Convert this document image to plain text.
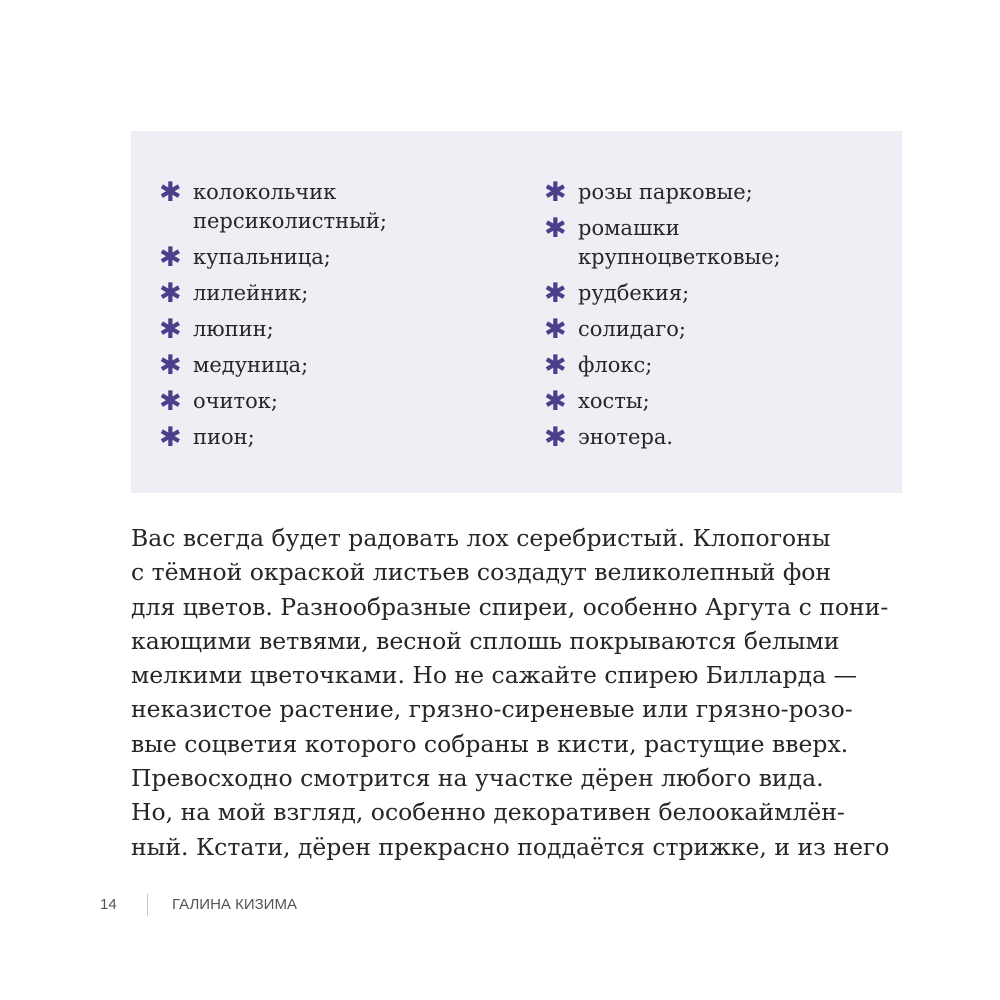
✱ колокольчик персиколистный;
✱ купальница;
✱ лилейник;
✱ люпин;
✱ медуница;
✱ очиток;
✱ пион;
✱ розы парковые;
✱ ромашки крупноцветковые;
✱ рудбекия;
✱ солидаго;
✱ флокс;
✱ хосты;
✱ энотера.

Вас всегда будет радовать лох серебристый. Клопогоны
с тёмной окраской листьев создадут великолепный фон
для цветов. Разнообразные спиреи, особенно Аргута с пони-
кающими ветвями, весной сплошь покрываются белыми
мелкими цветочками. Но не сажайте спирею Билларда —
неказистое растение, грязно-сиреневые или грязно-розо-
вые соцветия которого собраны в кисти, растущие вверх.
Превосходно смотрится на участке дёрен любого вида.
Но, на мой взгляд, особенно декоративен белоокаймлён-
ный. Кстати, дёрен прекрасно поддаётся стрижке, и из него

14	ГАЛИНА КИЗИМА
